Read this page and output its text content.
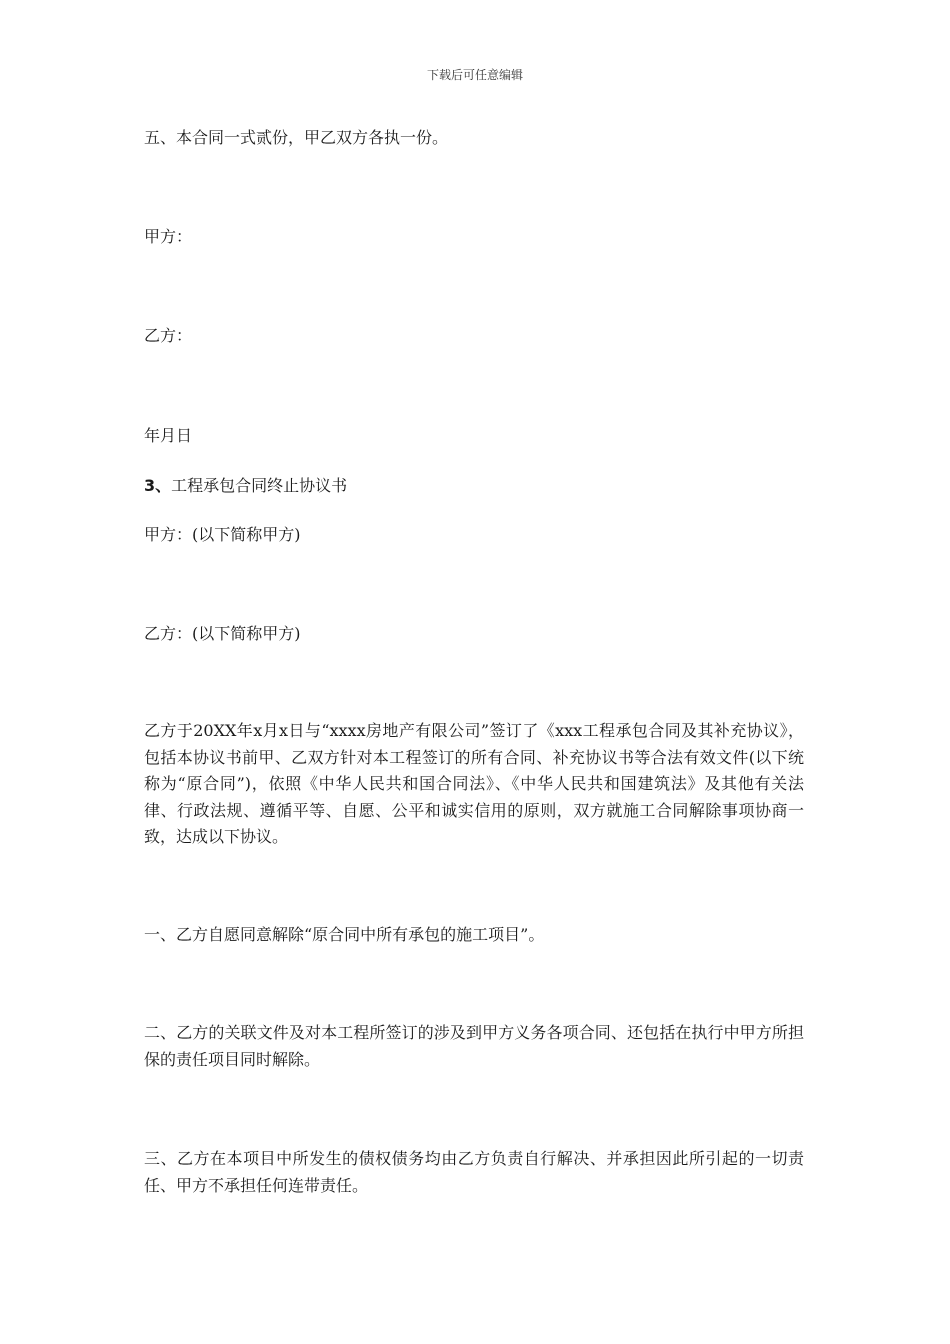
下载后可任意编辑
五、本合同一式贰份，甲乙双方各执一份。
甲方：
乙方：
年月日
3、工程承包合同终止协议书
甲方：(以下简称甲方)
乙方：(以下简称甲方)
乙方于20XX年x月x日与“xxxx房地产有限公司”签订了《xxx工程承包合同及其补充协议》，包括本协议书前甲、乙双方针对本工程签订的所有合同、补充协议书等合法有效文件(以下统称为“原合同”)，依照《中华人民共和国合同法》、《中华人民共和国建筑法》及其他有关法律、行政法规、遵循平等、自愿、公平和诚实信用的原则，双方就施工合同解除事项协商一致，达成以下协议。
一、乙方自愿同意解除“原合同中所有承包的施工项目”。
二、乙方的关联文件及对本工程所签订的涉及到甲方义务各项合同、还包括在执行中甲方所担保的责任项目同时解除。
三、乙方在本项目中所发生的债权债务均由乙方负责自行解决、并承担因此所引起的一切责任、甲方不承担任何连带责任。
